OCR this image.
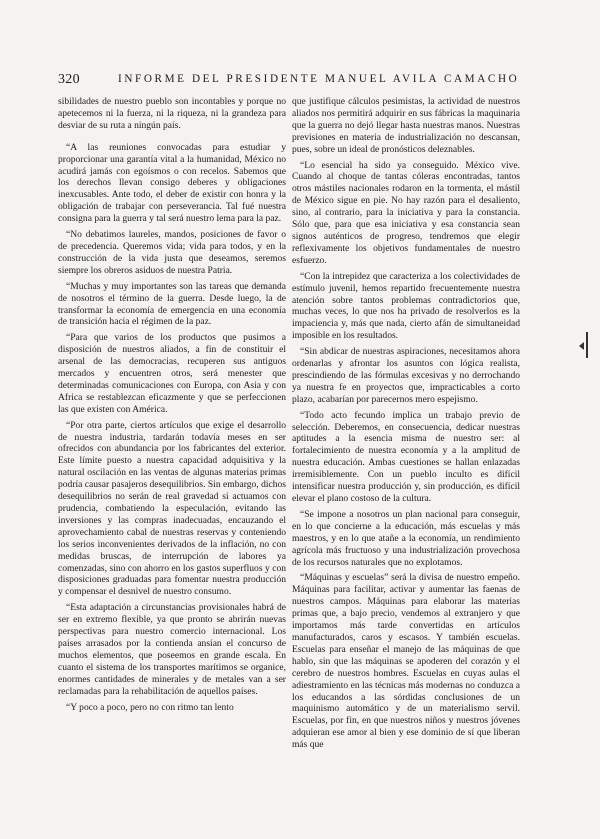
320	INFORME DEL PRESIDENTE MANUEL AVILA CAMACHO

sibilidades de nuestro pueblo son incontables y porque no apetecemos ni la fuerza, ni la riqueza, ni la grandeza para desviar de su ruta a ningún país.

“A las reuniones convocadas para estudiar y proporcionar una garantía vital a la humanidad, México no acudirá jamás con egoísmos o con recelos. Sabemos que los derechos llevan consigo deberes y obligaciones inexcusables. Ante todo, el deber de existir con honra y la obligación de trabajar con perseverancia. Tal fué nuestra consigna para la guerra y tal será nuestro lema para la paz.

“No debatimos laureles, mandos, posiciones de favor o de precedencia. Queremos vida; vida para todos, y en la construcción de la vida justa que deseamos, seremos siempre los obreros asiduos de nuestra Patria.

“Muchas y muy importantes son las tareas que demanda de nosotros el término de la guerra. Desde luego, la de transformar la economía de emergencia en una economía de transición hacia el régimen de la paz.

“Para que varios de los productos que pusimos a disposición de nuestros aliados, a fin de constituir el arsenal de las democracias, recuperen sus antiguos mercados y encuentren otros, será menester que determinadas comunicaciones con Europa, con Asia y con Africa se restablezcan eficazmente y que se perfeccionen las que existen con América.

“Por otra parte, ciertos artículos que exige el desarrollo de nuestra industria, tardarán todavía meses en ser ofrecidos con abundancia por los fabricantes del exterior. Este límite puesto a nuestra capacidad adquisitiva y la natural oscilación en las ventas de algunas materias primas podría causar pasajeros desequilibrios. Sin embargo, dichos desequilibrios no serán de real gravedad si actuamos con prudencia, combatiendo la especulación, evitando las inversiones y las compras inadecuadas, encauzando el aprovechamiento cabal de nuestras reservas y conteniendo los serios inconvenientes derivados de la inflación, no con medidas bruscas, de interrupción de labores ya comenzadas, sino con ahorro en los gastos superfluos y con disposiciones graduadas para fomentar nuestra producción y compensar el desnivel de nuestro consumo.

“Esta adaptación a circunstancias provisionales habrá de ser en extremo flexible, ya que pronto se abrirán nuevas perspectivas para nuestro comercio internacional. Los países arrasados por la contienda ansían el concurso de muchos elementos, que poseemos en grande escala. En cuanto el sistema de los transportes marítimos se organice, enormes cantidades de minerales y de metales van a ser reclamadas para la rehabilitación de aquellos países.

“Y poco a poco, pero no con ritmo tan lento

que justifique cálculos pesimistas, la actividad de nuestros aliados nos permitirá adquirir en sus fábricas la maquinaria que la guerra no dejó llegar hasta nuestras manos. Nuestras previsiones en materia de industrialización no descansan, pues, sobre un ideal de pronósticos deleznables.

“Lo esencial ha sido ya conseguido. México vive. Cuando al choque de tantas cóleras encontradas, tantos otros mástiles nacionales rodaron en la tormenta, el mástil de México sigue en pie. No hay razón para el desaliento, sino, al contrario, para la iniciativa y para la constancia. Sólo que, para que esa iniciativa y esa constancia sean signos auténticos de progreso, tendremos que elegir reflexivamente los objetivos fundamentales de nuestro esfuerzo.

“Con la intrepidez que caracteriza a los colectividades de estímulo juvenil, hemos repartido frecuentemente nuestra atención sobre tantos problemas contradictorios que, muchas veces, lo que nos ha privado de resolverlos es la impaciencia y, más que nada, cierto afán de simultaneidad imposible en los resultados.

“Sin abdicar de nuestras aspiraciones, necesitamos ahora ordenarlas y afrontar los asuntos con lógica realista, prescindiendo de las fórmulas excesivas y no derrochando ya nuestra fe en proyectos que, impracticables a corto plazo, acabarían por parecernos mero espejismo.

“Todo acto fecundo implica un trabajo previo de selección. Deberemos, en consecuencia, dedicar nuestras aptitudes a la esencia misma de nuestro ser: al fortalecimiento de nuestra economía y a la amplitud de nuestra educación. Ambas cuestiones se hallan enlazadas irremisiblemente. Con un pueblo inculto es difícil intensificar nuestra producción y, sin producción, es difícil elevar el plano costoso de la cultura.

“Se impone a nosotros un plan nacional para conseguir, en lo que concierne a la educación, más escuelas y más maestros, y en lo que atañe a la economía, un rendimiento agrícola más fructuoso y una industrialización provechosa de los recursos naturales que no explotamos.

“Máquinas y escuelas” será la divisa de nuestro empeño. Máquinas para facilitar, activar y aumentar las faenas de nuestros campos. Máquinas para elaborar las materias primas que, a bajo precio, vendemos al extranjero y que importamos más tarde convertidas en artículos manufacturados, caros y escasos. Y también escuelas. Escuelas para enseñar el manejo de las máquinas de que hablo, sin que las máquinas se apoderen del corazón y el cerebro de nuestros hombres. Escuelas en cuyas aulas el adiestramiento en las técnicas más modernas no conduzca a los educandos a las sórdidas conclusiones de un maquinismo automático y de un materialismo servil. Escuelas, por fin, en que nuestros niños y nuestros jóvenes adquieran ese amor al bien y ese dominio de sí que liberan más que
